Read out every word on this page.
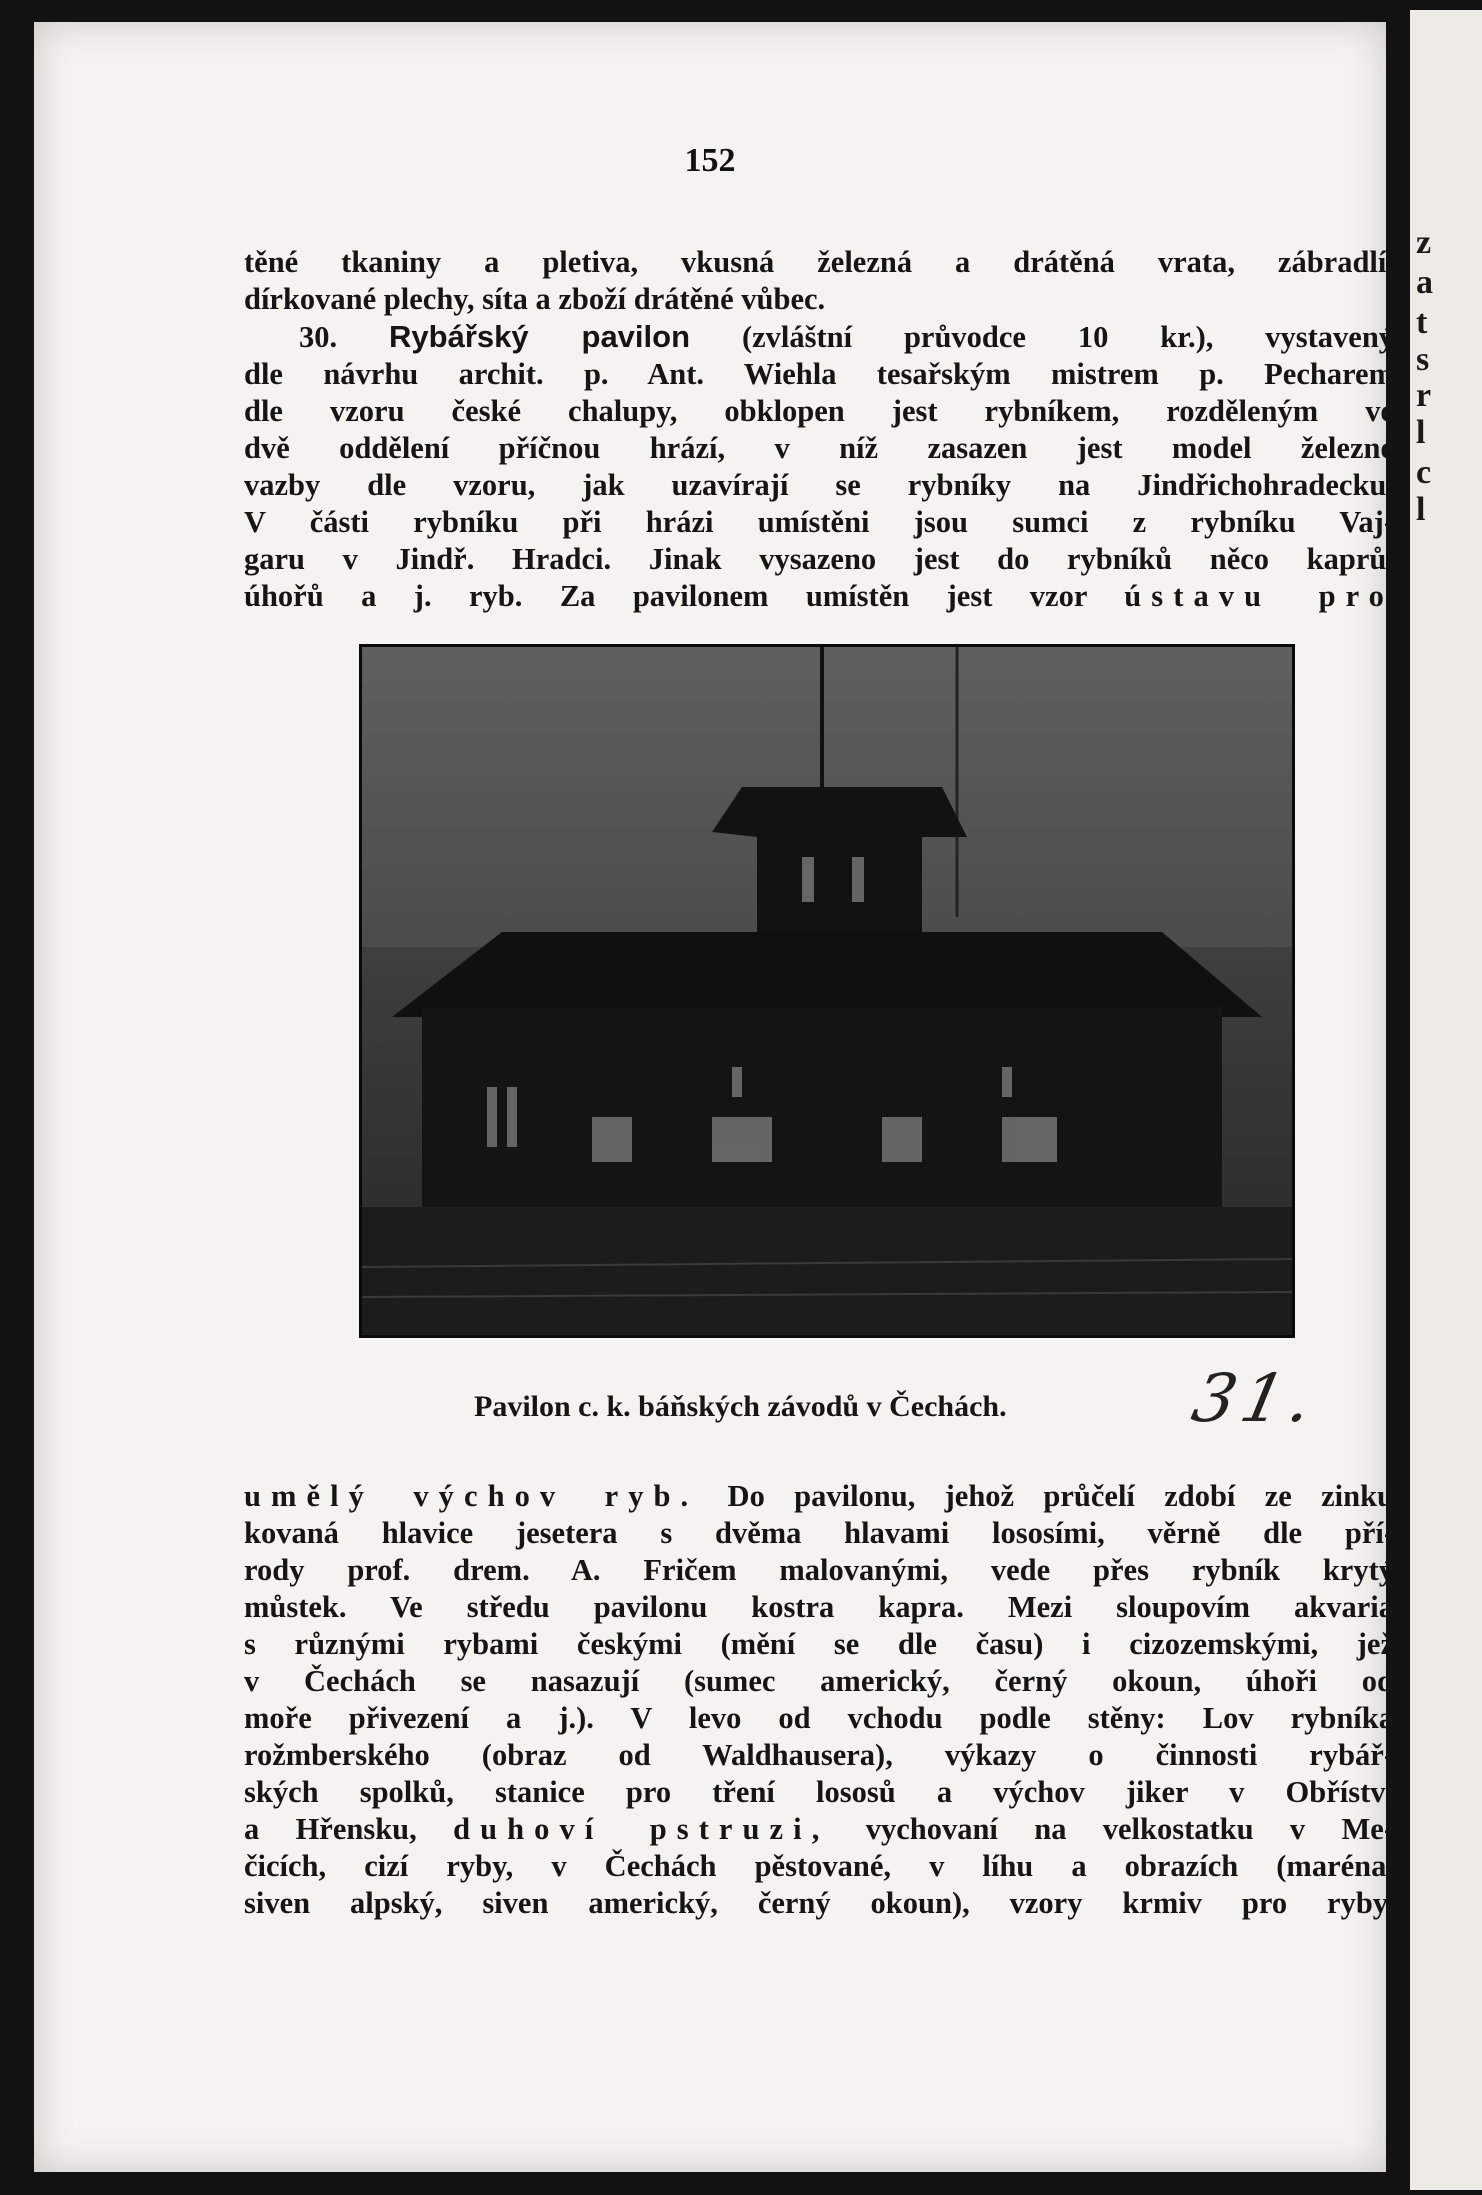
152
těné tkaniny a pletiva, vkusná železná a drátěná vrata, zábradlí,
dírkované plechy, síta a zboží drátěné vůbec.
30. Rybářský pavilon (zvláštní průvodce 10 kr.), vystavený
dle návrhu archit. p. Ant. Wiehla tesařským mistrem p. Pecharem
dle vzoru české chalupy, obklopen jest rybníkem, rozděleným ve
dvě oddělení příčnou hrází, v níž zasazen jest model železné
vazby dle vzoru, jak uzavírají se rybníky na Jindřichohradecku.
V části rybníku při hrázi umístěni jsou sumci z rybníku Vaj-
garu v Jindř. Hradci. Jinak vysazeno jest do rybníků něco kaprů,
úhořů a j. ryb. Za pavilonem umístěn jest vzor ústavu pro
Pavilon c. k. báňských závodů v Čechách.	31.
umělý výchov ryb. Do pavilonu, jehož průčelí zdobí ze zinku
kovaná hlavice jesetera s dvěma hlavami lososími, věrně dle pří-
rody prof. drem. A. Fričem malovanými, vede přes rybník krytý
můstek. Ve středu pavilonu kostra kapra. Mezi sloupovím akvaria
s různými rybami českými (mění se dle času) i cizozemskými, jež
v Čechách se nasazují (sumec americký, černý okoun, úhoři od
moře přivezení a j.). V levo od vchodu podle stěny: Lov rybníka
rožmberského (obraz od Waldhausera), výkazy o činnosti rybář-
ských spolků, stanice pro tření lososů a výchov jiker v Obříství
a Hřensku, duhoví pstruzi, vychovaní na velkostatku v Me-
čicích, cizí ryby, v Čechách pěstované, v líhu a obrazích (maréna,
siven alpský, siven americký, černý okoun), vzory krmiv pro ryby,
z
a
t
s
r
l
c
l
